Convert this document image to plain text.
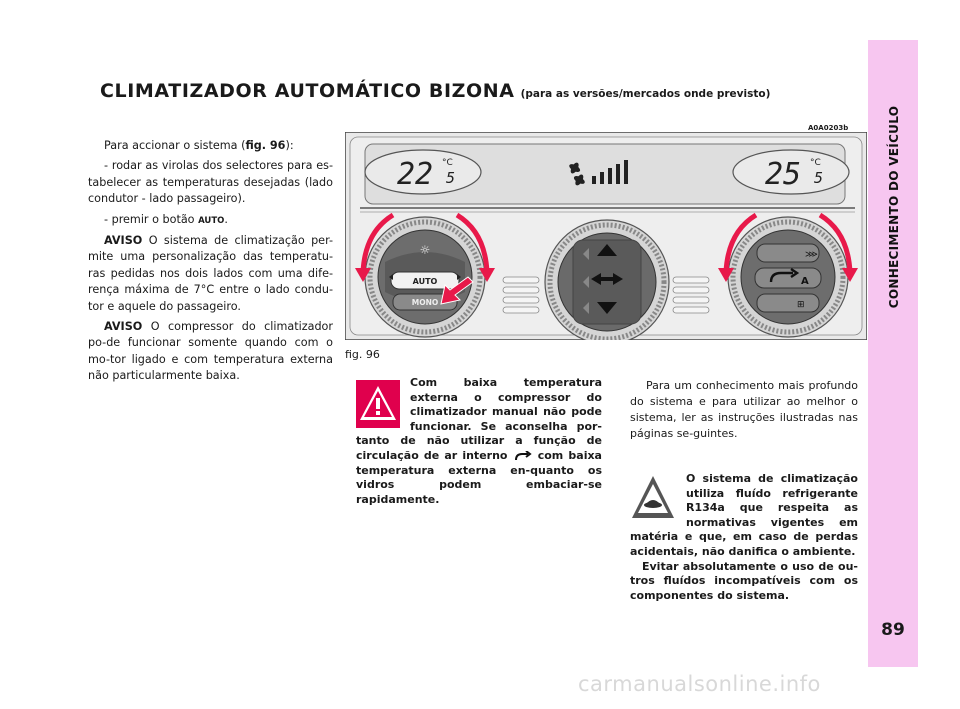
CONHECIMENTO DO VEÍCULO
89
CLIMATIZADOR AUTOMÁTICO BIZONA (para as versões/mercados onde previsto)

Para accionar o sistema (fig. 96):

- rodar as virolas dos selectores para es-tabelecer as temperaturas desejadas (lado condutor - lado passageiro).

- premir o botão AUTO.

AVISO O sistema de climatização per-mite uma personalização das temperatu-ras pedidas nos dois lados com uma dife-rença máxima de 7°C entre o lado condu-tor e aquele do passageiro.

AVISO O compressor do climatizador po-de funcionar somente quando com o mo-tor ligado e com temperatura externa não particularmente baixa.

A0A0203b
22 °C
5	25 °C
5
☼
AUTO
MONO
⋙
A
⊞
fig. 96
Com baixa temperatura externa o compressor do climatizador manual não pode funcionar. Se aconselha por-tanto de não utilizar a função de circulação de ar interno  com baixa temperatura externa en-quanto os vidros podem embaciar-se rapidamente.

Para um conhecimento mais profundo do sistema e para utilizar ao melhor o sistema, ler as instruções ilustradas nas páginas se-guintes.

O sistema de climatização utiliza fluído refrigerante R134a que respeita as normativas vigentes em matéria e que, em caso de perdas acidentais, não danifica o ambiente.

Evitar absolutamente o uso de ou-tros fluídos incompatíveis com os componentes do sistema.

carmanualsonline.info
